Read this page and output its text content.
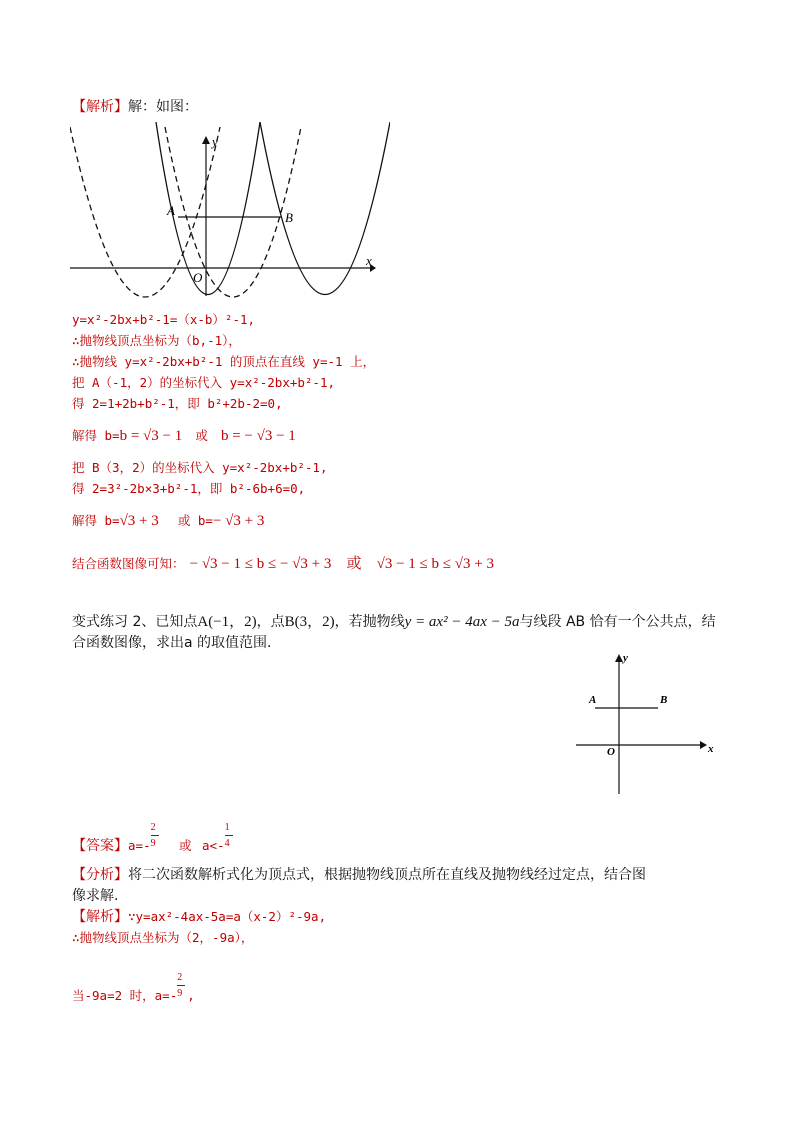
【解析】解：如图：
y
x
O
A	B
y=x²-2bx+b²-1=（x-b）²-1,
∴抛物线顶点坐标为（b,-1），
∴抛物线 y=x²-2bx+b²-1 的顶点在直线 y=-1 上，
把 A（-1，2）的坐标代入 y=x²-2bx+b²-1,
得 2=1+2b+b²-1，即 b²+2b-2=0,
解得 b=b = √3 − 1 或 b = − √3 − 1
把 B（3，2）的坐标代入 y=x²-2bx+b²-1,
得 2=3²-2b×3+b²-1，即 b²-6b+6=0,
解得 b=√3 + 3 或 b=− √3 + 3
结合函数图像可知： − √3 − 1 ≤ b ≤ − √3 + 3 或 √3 − 1 ≤ b ≤ √3 + 3
变式练习 2、已知点A(−1，2)，点B(3，2)，若抛物线y = ax² − 4ax − 5a与线段 AB 恰有一个公共点，结
合函数图像，求出a 的取值范围.
y
x
O
A	B
【答案】$a=- \frac{2}{9}$ 或 $a<- \frac{1}{4}$
【分析】将二次函数解析式化为顶点式，根据抛物线顶点所在直线及抛物线经过定点，结合图
像求解.
【解析】∵y=ax²-4ax-5a=a（x-2）²-9a,
∴抛物线顶点坐标为（2，-9a），
当-9a=2 时，$a=- \frac{2}{9}$ ,
